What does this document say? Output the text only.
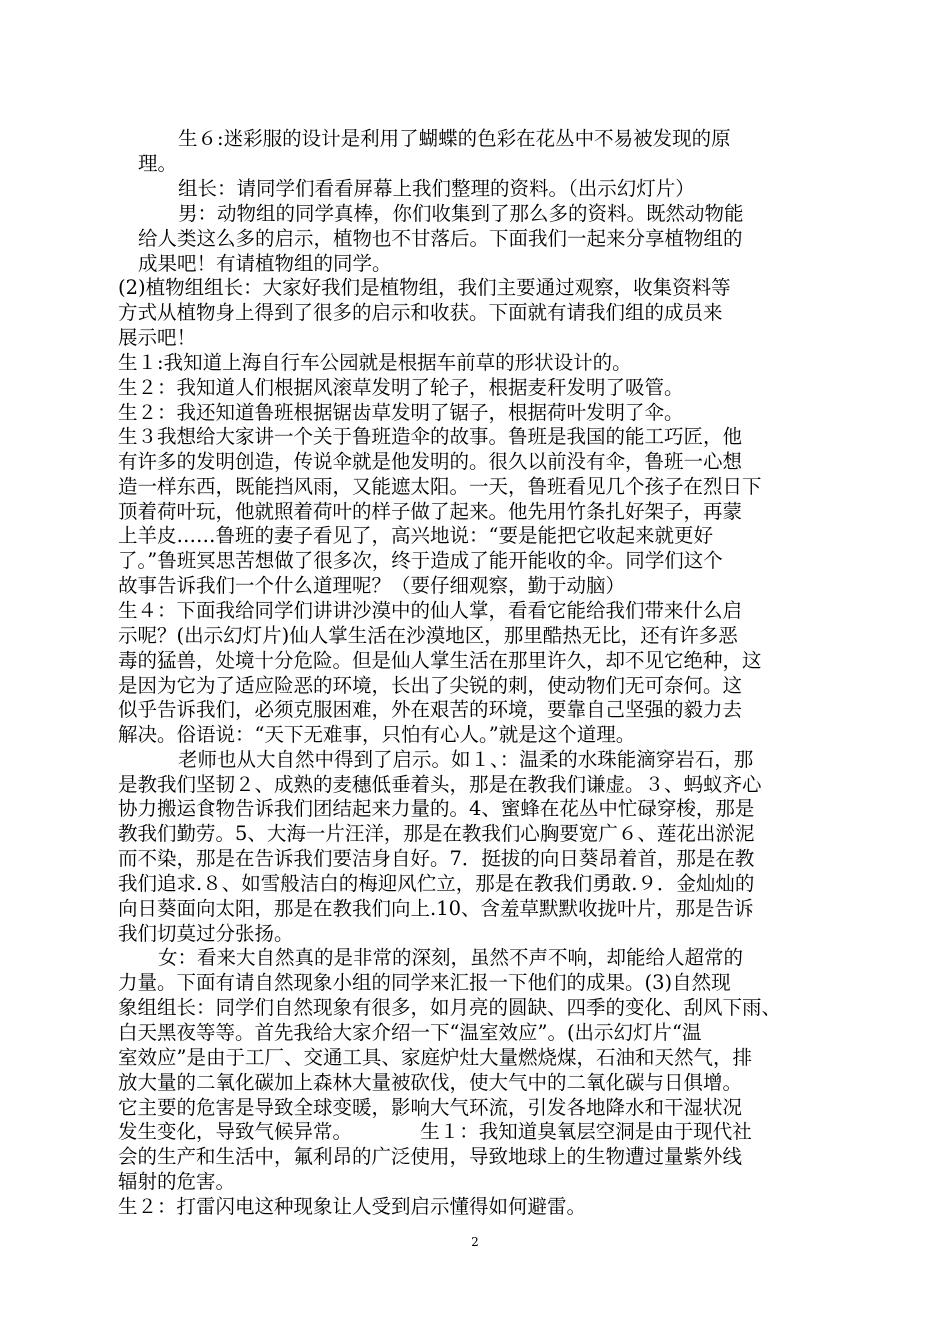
生６:迷彩服的设计是利用了蝴蝶的色彩在花丛中不易被发现的原
理。
组长：请同学们看看屏幕上我们整理的资料。（出示幻灯片）
男：动物组的同学真棒，你们收集到了那么多的资料。既然动物能
给人类这么多的启示，植物也不甘落后。下面我们一起来分享植物组的
成果吧！有请植物组的同学。
(2)植物组组长：大家好我们是植物组，我们主要通过观察，收集资料等
方式从植物身上得到了很多的启示和收获。下面就有请我们组的成员来
展示吧！
生１:我知道上海自行车公园就是根据车前草的形状设计的。
生２：我知道人们根据风滚草发明了轮子，根据麦秆发明了吸管。
生２：我还知道鲁班根据锯齿草发明了锯子，根据荷叶发明了伞。
生３我想给大家讲一个关于鲁班造伞的故事。鲁班是我国的能工巧匠，他
有许多的发明创造，传说伞就是他发明的。很久以前没有伞，鲁班一心想
造一样东西，既能挡风雨，又能遮太阳。一天，鲁班看见几个孩子在烈日下
顶着荷叶玩，他就照着荷叶的样子做了起来。他先用竹条扎好架子，再蒙
上羊皮……鲁班的妻子看见了，高兴地说：“要是能把它收起来就更好
了。”鲁班冥思苦想做了很多次，终于造成了能开能收的伞。同学们这个
故事告诉我们一个什么道理呢？（要仔细观察，勤于动脑）
生４：下面我给同学们讲讲沙漠中的仙人掌，看看它能给我们带来什么启
示呢？(出示幻灯片)仙人掌生活在沙漠地区，那里酷热无比，还有许多恶
毒的猛兽，处境十分危险。但是仙人掌生活在那里许久，却不见它绝种，这
是因为它为了适应险恶的环境，长出了尖锐的刺，使动物们无可奈何。这
似乎告诉我们，必须克服困难，外在艰苦的环境，要靠自己坚强的毅力去
解决。俗语说：“天下无难事，只怕有心人。”就是这个道理。
老师也从大自然中得到了启示。如１、：温柔的水珠能滴穿岩石，那
是教我们坚韧２、成熟的麦穗低垂着头，那是在教我们谦虚。３、蚂蚁齐心
协力搬运食物告诉我们团结起来力量的。4、蜜蜂在花丛中忙碌穿梭，那是
教我们勤劳。5、大海一片汪洋，那是在教我们心胸要宽广６、莲花出淤泥
而不染，那是在告诉我们要洁身自好。7．挺拔的向日葵昂着首，那是在教
我们追求.８、如雪般洁白的梅迎风伫立，那是在教我们勇敢.９．金灿灿的
向日葵面向太阳，那是在教我们向上.10、含羞草默默收拢叶片，那是告诉
我们切莫过分张扬。
女：看来大自然真的是非常的深刻，虽然不声不响，却能给人超常的
力量。下面有请自然现象小组的同学来汇报一下他们的成果。(3)自然现
象组组长：同学们自然现象有很多，如月亮的圆缺、四季的变化、刮风下雨、
白天黑夜等等。首先我给大家介绍一下“温室效应”。(出示幻灯片“温
室效应”是由于工厂、交通工具、家庭炉灶大量燃烧煤，石油和天然气，排
放大量的二氧化碳加上森林大量被砍伐，使大气中的二氧化碳与日俱增。
它主要的危害是导致全球变暖，影响大气环流，引发各地降水和干湿状况
发生变化，导致气候异常。　　　　生１：我知道臭氧层空洞是由于现代社
会的生产和生活中，氟利昂的广泛使用，导致地球上的生物遭过量紫外线
辐射的危害。
生２：打雷闪电这种现象让人受到启示懂得如何避雷。
2
